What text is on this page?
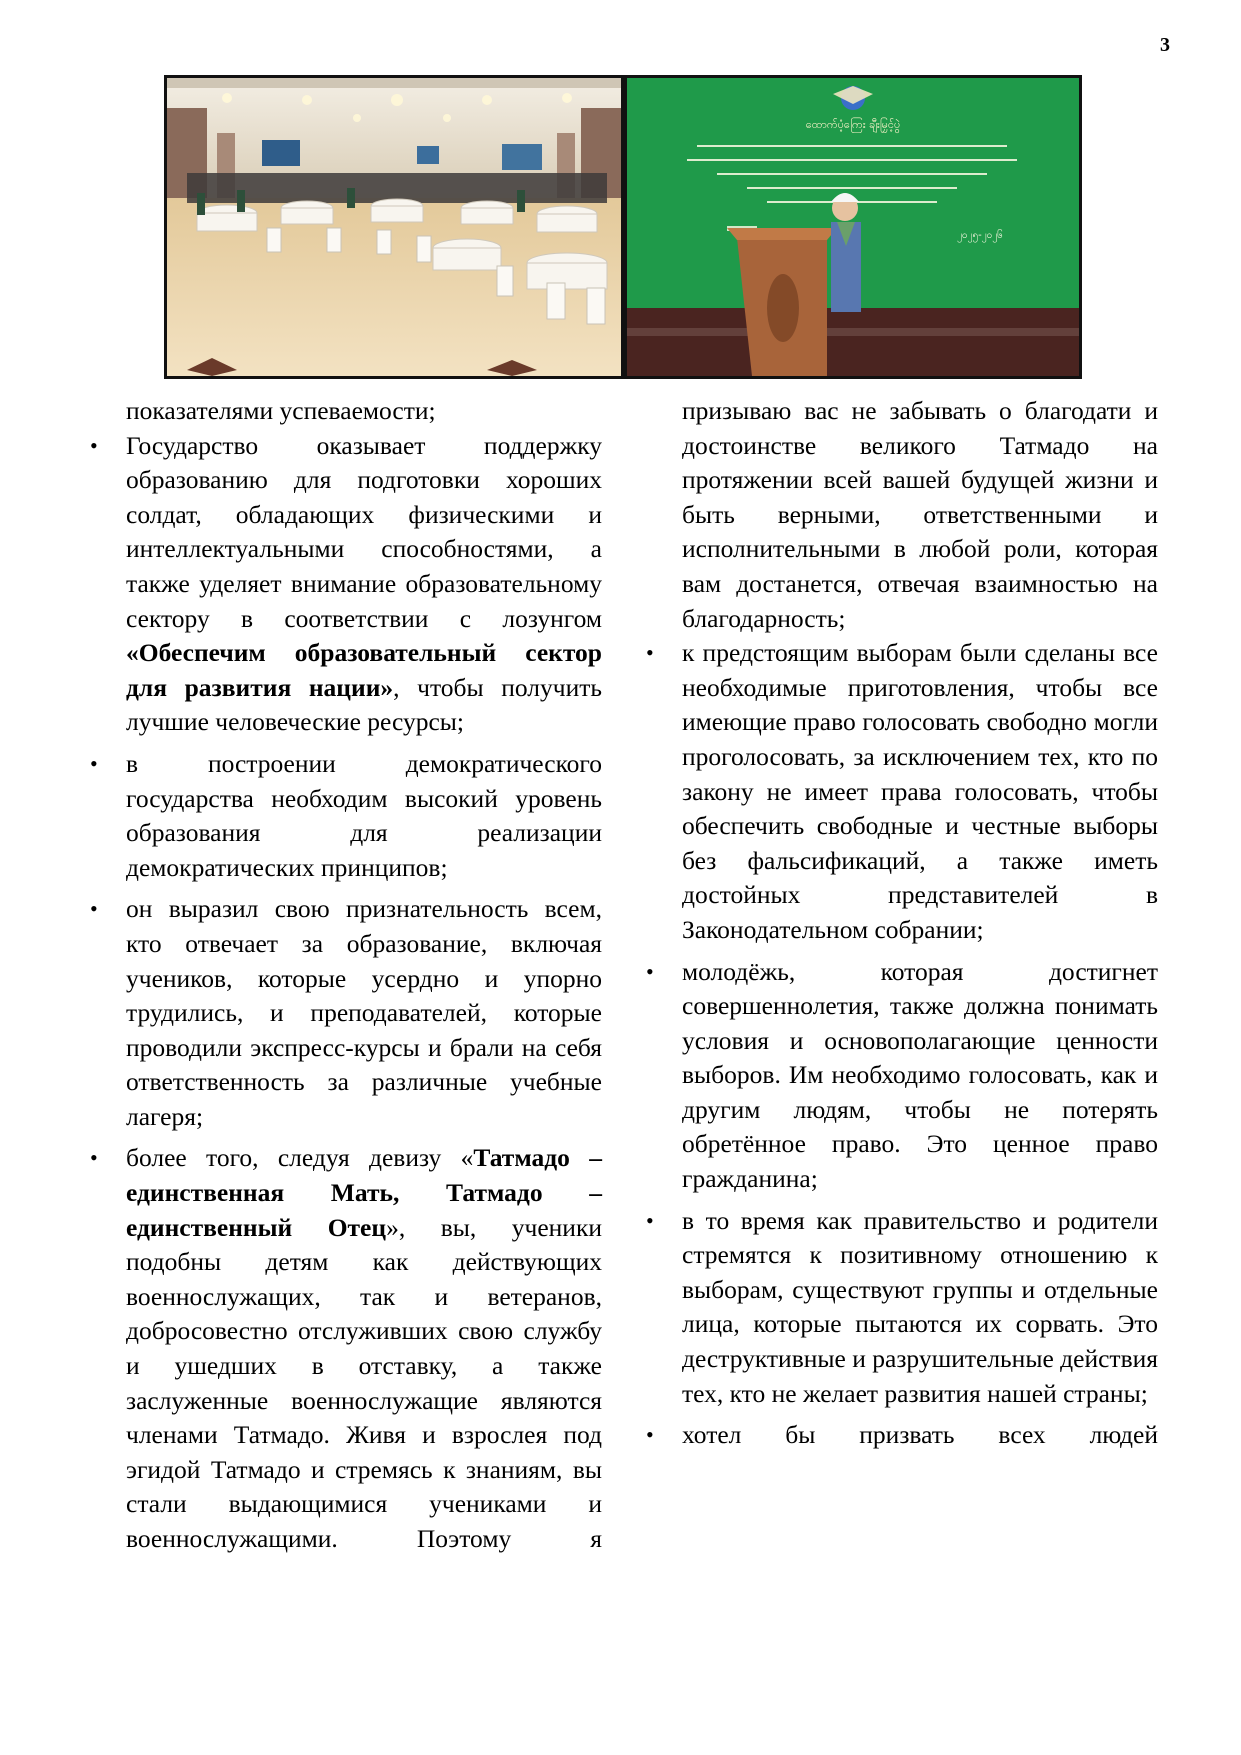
3
ထောက်ပံ့ကြေး ချီးမြှင့်ပွဲ
၂၀၂၅-၂၀၂၆

показателями успеваемости;

• Государство оказывает поддержку образованию для подготовки хороших солдат, обладающих физическими и интеллектуальными способностями, а также уделяет внимание образовательному сектору в соответствии с лозунгом «Обеспечим образовательный сектор для развития нации», чтобы получить лучшие человеческие ресурсы;
• в построении демократического государства необходим высокий уровень образования для реализации демократических принципов;
• он выразил свою признательность всем, кто отвечает за образование, включая учеников, которые усердно и упорно трудились, и преподавателей, которые проводили экспресс-курсы и брали на себя ответственность за различные учебные лагеря;
• более того, следуя девизу «Татмадо – единственная Мать, Татмадо – единственный Отец», вы, ученики подобны детям как действующих военнослужащих, так и ветеранов, добросовестно отслуживших свою службу и ушедших в отставку, а также заслуженные военнослужащие являются членами Татмадо. Живя и взрослея под эгидой Татмадо и стремясь к знаниям, вы стали выдающимися учениками и военнослужащими. Поэтому я

призываю вас не забывать о благодати и достоинстве великого Татмадо на протяжении всей вашей будущей жизни и быть верными, ответственными и исполнительными в любой роли, которая вам достанется, отвечая взаимностью на благодарность;

• к предстоящим выборам были сделаны все необходимые приготовления, чтобы все имеющие право голосовать свободно могли проголосовать, за исключением тех, кто по закону не имеет права голосовать, чтобы обеспечить свободные и честные выборы без фальсификаций, а также иметь достойных представителей в Законодательном собрании;
• молодёжь, которая достигнет совершеннолетия, также должна понимать условия и основополагающие ценности выборов. Им необходимо голосовать, как и другим людям, чтобы не потерять обретённое право. Это ценное право гражданина;
• в то время как правительство и родители стремятся к позитивному отношению к выборам, существуют группы и отдельные лица, которые пытаются их сорвать. Это деструктивные и разрушительные действия тех, кто не желает развития нашей страны;
• хотел бы призвать всех людей
